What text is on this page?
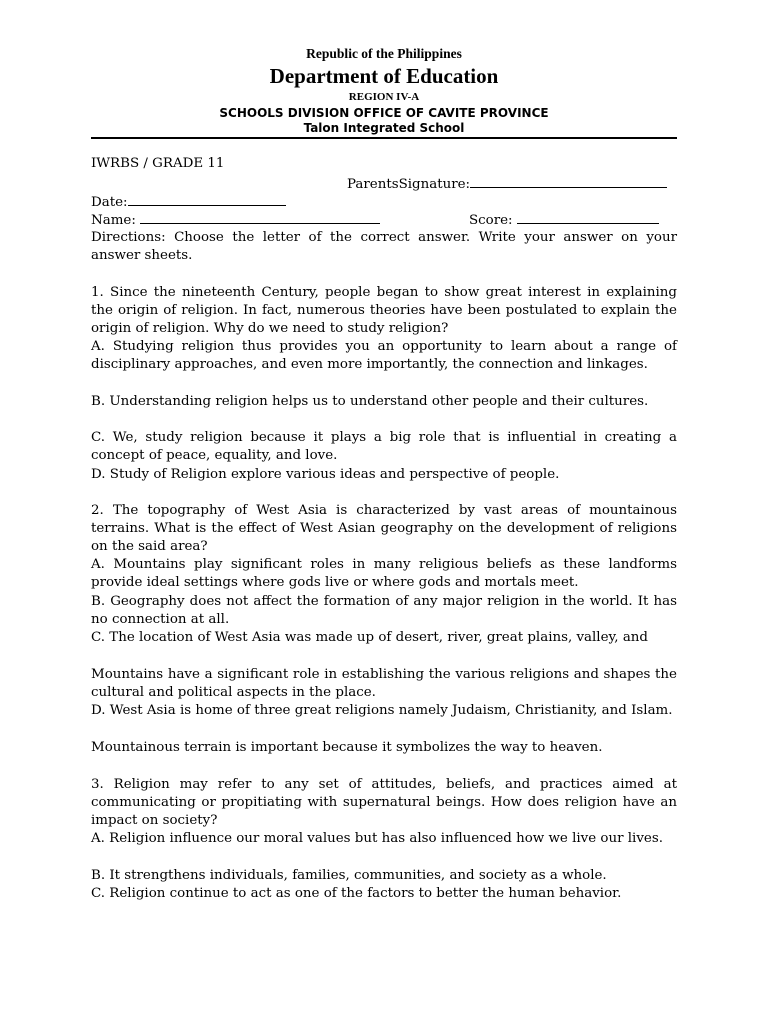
Republic of the Philippines
Department of Education
REGION IV-A
SCHOOLS DIVISION OFFICE OF CAVITE PROVINCE
Talon Integrated School
IWRBS / GRADE 11
ParentsSignature:
Date:
Name:	Score:
Directions: Choose the letter of the correct answer. Write your answer on your answer sheets.
1. Since the nineteenth Century, people began to show great interest in explaining the origin of religion. In fact, numerous theories have been postulated to explain the origin of religion. Why do we need to study religion?
A. Studying religion thus provides you an opportunity to learn about a range of disciplinary approaches, and even more importantly, the connection and linkages.
B. Understanding religion helps us to understand other people and their cultures.
C. We, study religion because it plays a big role that is influential in creating a concept of peace, equality, and love.
D. Study of Religion explore various ideas and perspective of people.
2. The topography of West Asia is characterized by vast areas of mountainous terrains. What is the effect of West Asian geography on the development of religions on the said area?
A. Mountains play significant roles in many religious beliefs as these landforms provide ideal settings where gods live or where gods and mortals meet.
B. Geography does not affect the formation of any major religion in the world. It has no connection at all.
C. The location of West Asia was made up of desert, river, great plains, valley, and
Mountains have a significant role in establishing the various religions and shapes the cultural and political aspects in the place.
D. West Asia is home of three great religions namely Judaism, Christianity, and Islam.
Mountainous terrain is important because it symbolizes the way to heaven.
3. Religion may refer to any set of attitudes, beliefs, and practices aimed at communicating or propitiating with supernatural beings. How does religion have an impact on society?
A. Religion influence our moral values but has also influenced how we live our lives.
B. It strengthens individuals, families, communities, and society as a whole.
C. Religion continue to act as one of the factors to better the human behavior.
